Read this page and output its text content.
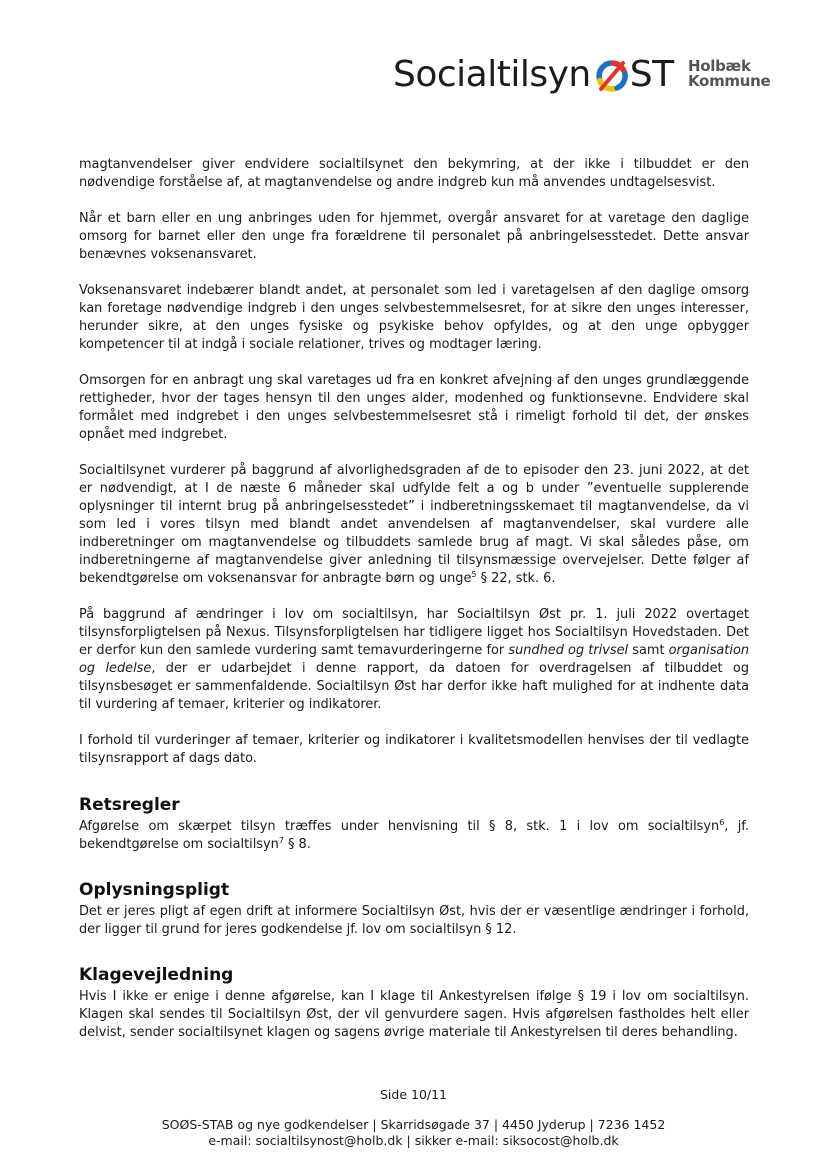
Socialtilsyn ST Holbæk
Kommune

magtanvendelser giver endvidere socialtilsynet den bekymring, at der ikke i tilbuddet er den nødvendige forståelse af, at magtanvendelse og andre indgreb kun må anvendes undtagelsesvist.

Når et barn eller en ung anbringes uden for hjemmet, overgår ansvaret for at varetage den daglige omsorg for barnet eller den unge fra forældrene til personalet på anbringelsesstedet. Dette ansvar benævnes voksenansvaret.

Voksenansvaret indebærer blandt andet, at personalet som led i varetagelsen af den daglige omsorg kan foretage nødvendige indgreb i den unges selvbestemmelsesret, for at sikre den unges interesser, herunder sikre, at den unges fysiske og psykiske behov opfyldes, og at den unge opbygger kompetencer til at indgå i sociale relationer, trives og modtager læring.

Omsorgen for en anbragt ung skal varetages ud fra en konkret afvejning af den unges grundlæggende rettigheder, hvor der tages hensyn til den unges alder, modenhed og funktionsevne. Endvidere skal formålet med indgrebet i den unges selvbestemmelsesret stå i rimeligt forhold til det, der ønskes opnået med indgrebet.

Socialtilsynet vurderer på baggrund af alvorlighedsgraden af de to episoder den 23. juni 2022, at det er nødvendigt, at I de næste 6 måneder skal udfylde felt a og b under ”eventuelle supplerende oplysninger til internt brug på anbringelsesstedet” i indberetningsskemaet til magtanvendelse, da vi som led i vores tilsyn med blandt andet anvendelsen af magtanvendelser, skal vurdere alle indberetninger om magtanvendelse og tilbuddets samlede brug af magt. Vi skal således påse, om indberetningerne af magtanvendelse giver anledning til tilsynsmæssige overvejelser. Dette følger af bekendtgørelse om voksenansvar for anbragte børn og unge$^5$ § 22, stk. 6.

På baggrund af ændringer i lov om socialtilsyn, har Socialtilsyn Øst pr. 1. juli 2022 overtaget tilsynsforpligtelsen på Nexus. Tilsynsforpligtelsen har tidligere ligget hos Socialtilsyn Hovedstaden. Det er derfor kun den samlede vurdering samt temavurderingerne for sundhed og trivsel samt organisation og ledelse, der er udarbejdet i denne rapport, da datoen for overdragelsen af tilbuddet og tilsynsbesøget er sammenfaldende. Socialtilsyn Øst har derfor ikke haft mulighed for at indhente data til vurdering af temaer, kriterier og indikatorer.

I forhold til vurderinger af temaer, kriterier og indikatorer i kvalitetsmodellen henvises der til vedlagte tilsynsrapport af dags dato.

Retsregler

Afgørelse om skærpet tilsyn træffes under henvisning til § 8, stk. 1 i lov om socialtilsyn$^6$, jf. bekendtgørelse om socialtilsyn$^7$ § 8.

Oplysningspligt

Det er jeres pligt af egen drift at informere Socialtilsyn Øst, hvis der er væsentlige ændringer i forhold, der ligger til grund for jeres godkendelse jf. lov om socialtilsyn § 12.

Klagevejledning

Hvis I ikke er enige i denne afgørelse, kan I klage til Ankestyrelsen ifølge § 19 i lov om socialtilsyn. Klagen skal sendes til Socialtilsyn Øst, der vil genvurdere sagen. Hvis afgørelsen fastholdes helt eller delvist, sender socialtilsynet klagen og sagens øvrige materiale til Ankestyrelsen til deres behandling.

Side 10/11
SOØS-STAB og nye godkendelser | Skarridsøgade 37 | 4450 Jyderup | 7236 1452
e-mail: socialtilsynost@holb.dk | sikker e-mail: siksocost@holb.dk
